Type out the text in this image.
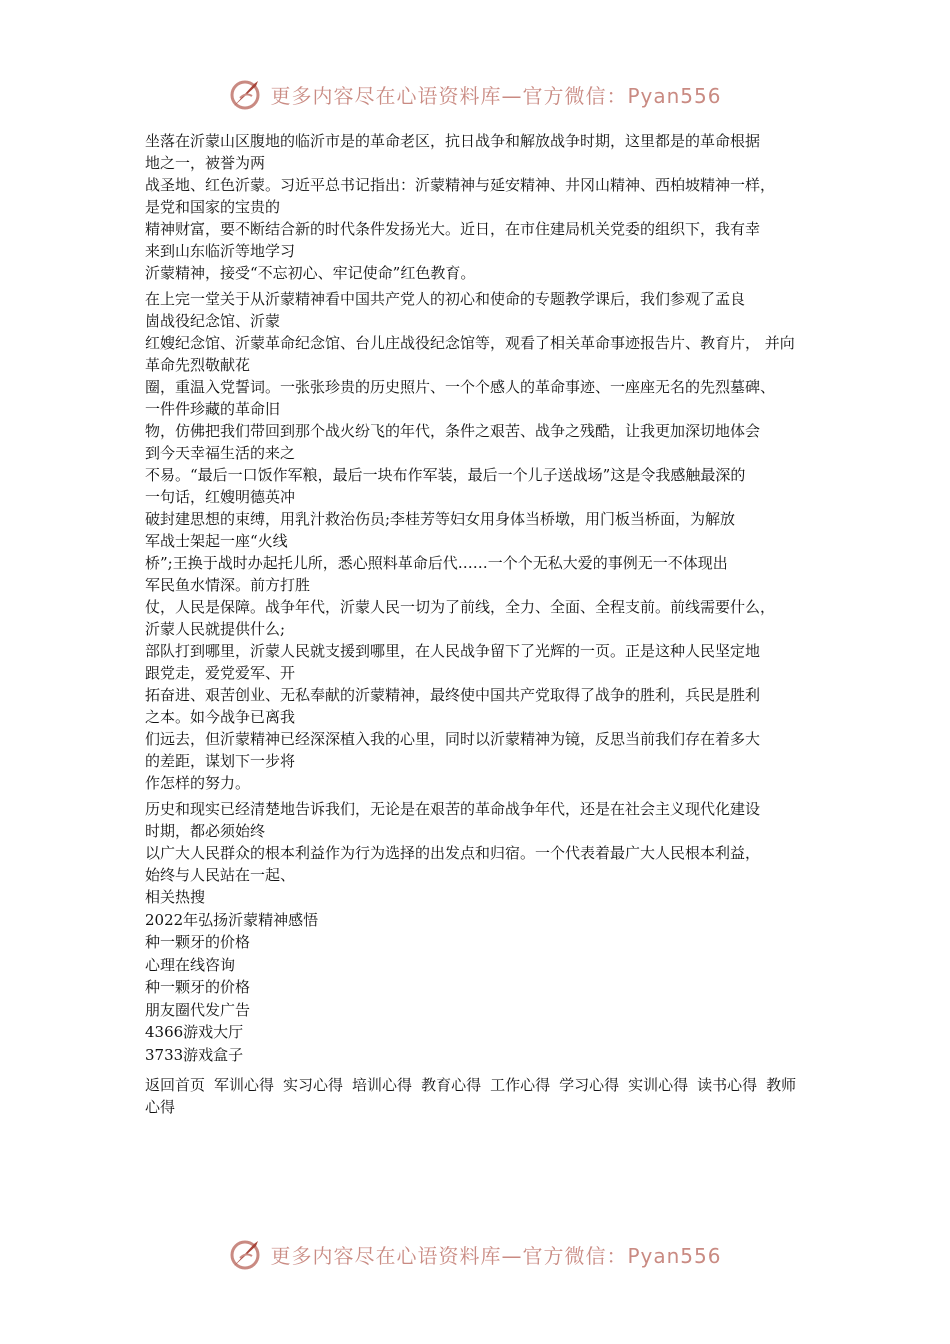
更多内容尽在心语资料库—官方微信：Pyan556
坐落在沂蒙山区腹地的临沂市是的革命老区，抗日战争和解放战争时期，这里都是的革命根据
地之一，被誉为两
战圣地、红色沂蒙。习近平总书记指出：沂蒙精神与延安精神、井冈山精神、西柏坡精神一样，
是党和国家的宝贵的
精神财富，要不断结合新的时代条件发扬光大。近日，在市住建局机关党委的组织下，我有幸
来到山东临沂等地学习
沂蒙精神，接受“不忘初心、牢记使命”红色教育。
在上完一堂关于从沂蒙精神看中国共产党人的初心和使命的专题教学课后，我们参观了孟良
崮战役纪念馆、沂蒙
红嫂纪念馆、沂蒙革命纪念馆、台儿庄战役纪念馆等，观看了相关革命事迹报告片、教育片， 并向
革命先烈敬献花
圈，重温入党誓词。一张张珍贵的历史照片、一个个感人的革命事迹、一座座无名的先烈墓碑、
一件件珍藏的革命旧
物，仿佛把我们带回到那个战火纷飞的年代，条件之艰苦、战争之残酷，让我更加深切地体会
到今天幸福生活的来之
不易。“最后一口饭作军粮，最后一块布作军装，最后一个儿子送战场”这是令我感触最深的
一句话，红嫂明德英冲
破封建思想的束缚，用乳汁救治伤员;李桂芳等妇女用身体当桥墩，用门板当桥面，为解放
军战士架起一座“火线
桥”;王换于战时办起托儿所，悉心照料革命后代……一个个无私大爱的事例无一不体现出
军民鱼水情深。前方打胜
仗，人民是保障。战争年代，沂蒙人民一切为了前线，全力、全面、全程支前。前线需要什么，
沂蒙人民就提供什么;
部队打到哪里，沂蒙人民就支援到哪里，在人民战争留下了光辉的一页。正是这种人民坚定地
跟党走，爱党爱军、开
拓奋进、艰苦创业、无私奉献的沂蒙精神，最终使中国共产党取得了战争的胜利，兵民是胜利
之本。如今战争已离我
们远去，但沂蒙精神已经深深植入我的心里，同时以沂蒙精神为镜，反思当前我们存在着多大
的差距，谋划下一步将
作怎样的努力。
历史和现实已经清楚地告诉我们，无论是在艰苦的革命战争年代，还是在社会主义现代化建设
时期，都必须始终
以广大人民群众的根本利益作为行为选择的出发点和归宿。一个代表着最广大人民根本利益，
始终与人民站在一起、
相关热搜
2022年弘扬沂蒙精神感悟
种一颗牙的价格
心理在线咨询
种一颗牙的价格
朋友圈代发广告
4366游戏大厅
3733游戏盒子
返回首页 军训心得 实习心得 培训心得 教育心得 工作心得 学习心得 实训心得 读书心得 教师心得
更多内容尽在心语资料库—官方微信：Pyan556
